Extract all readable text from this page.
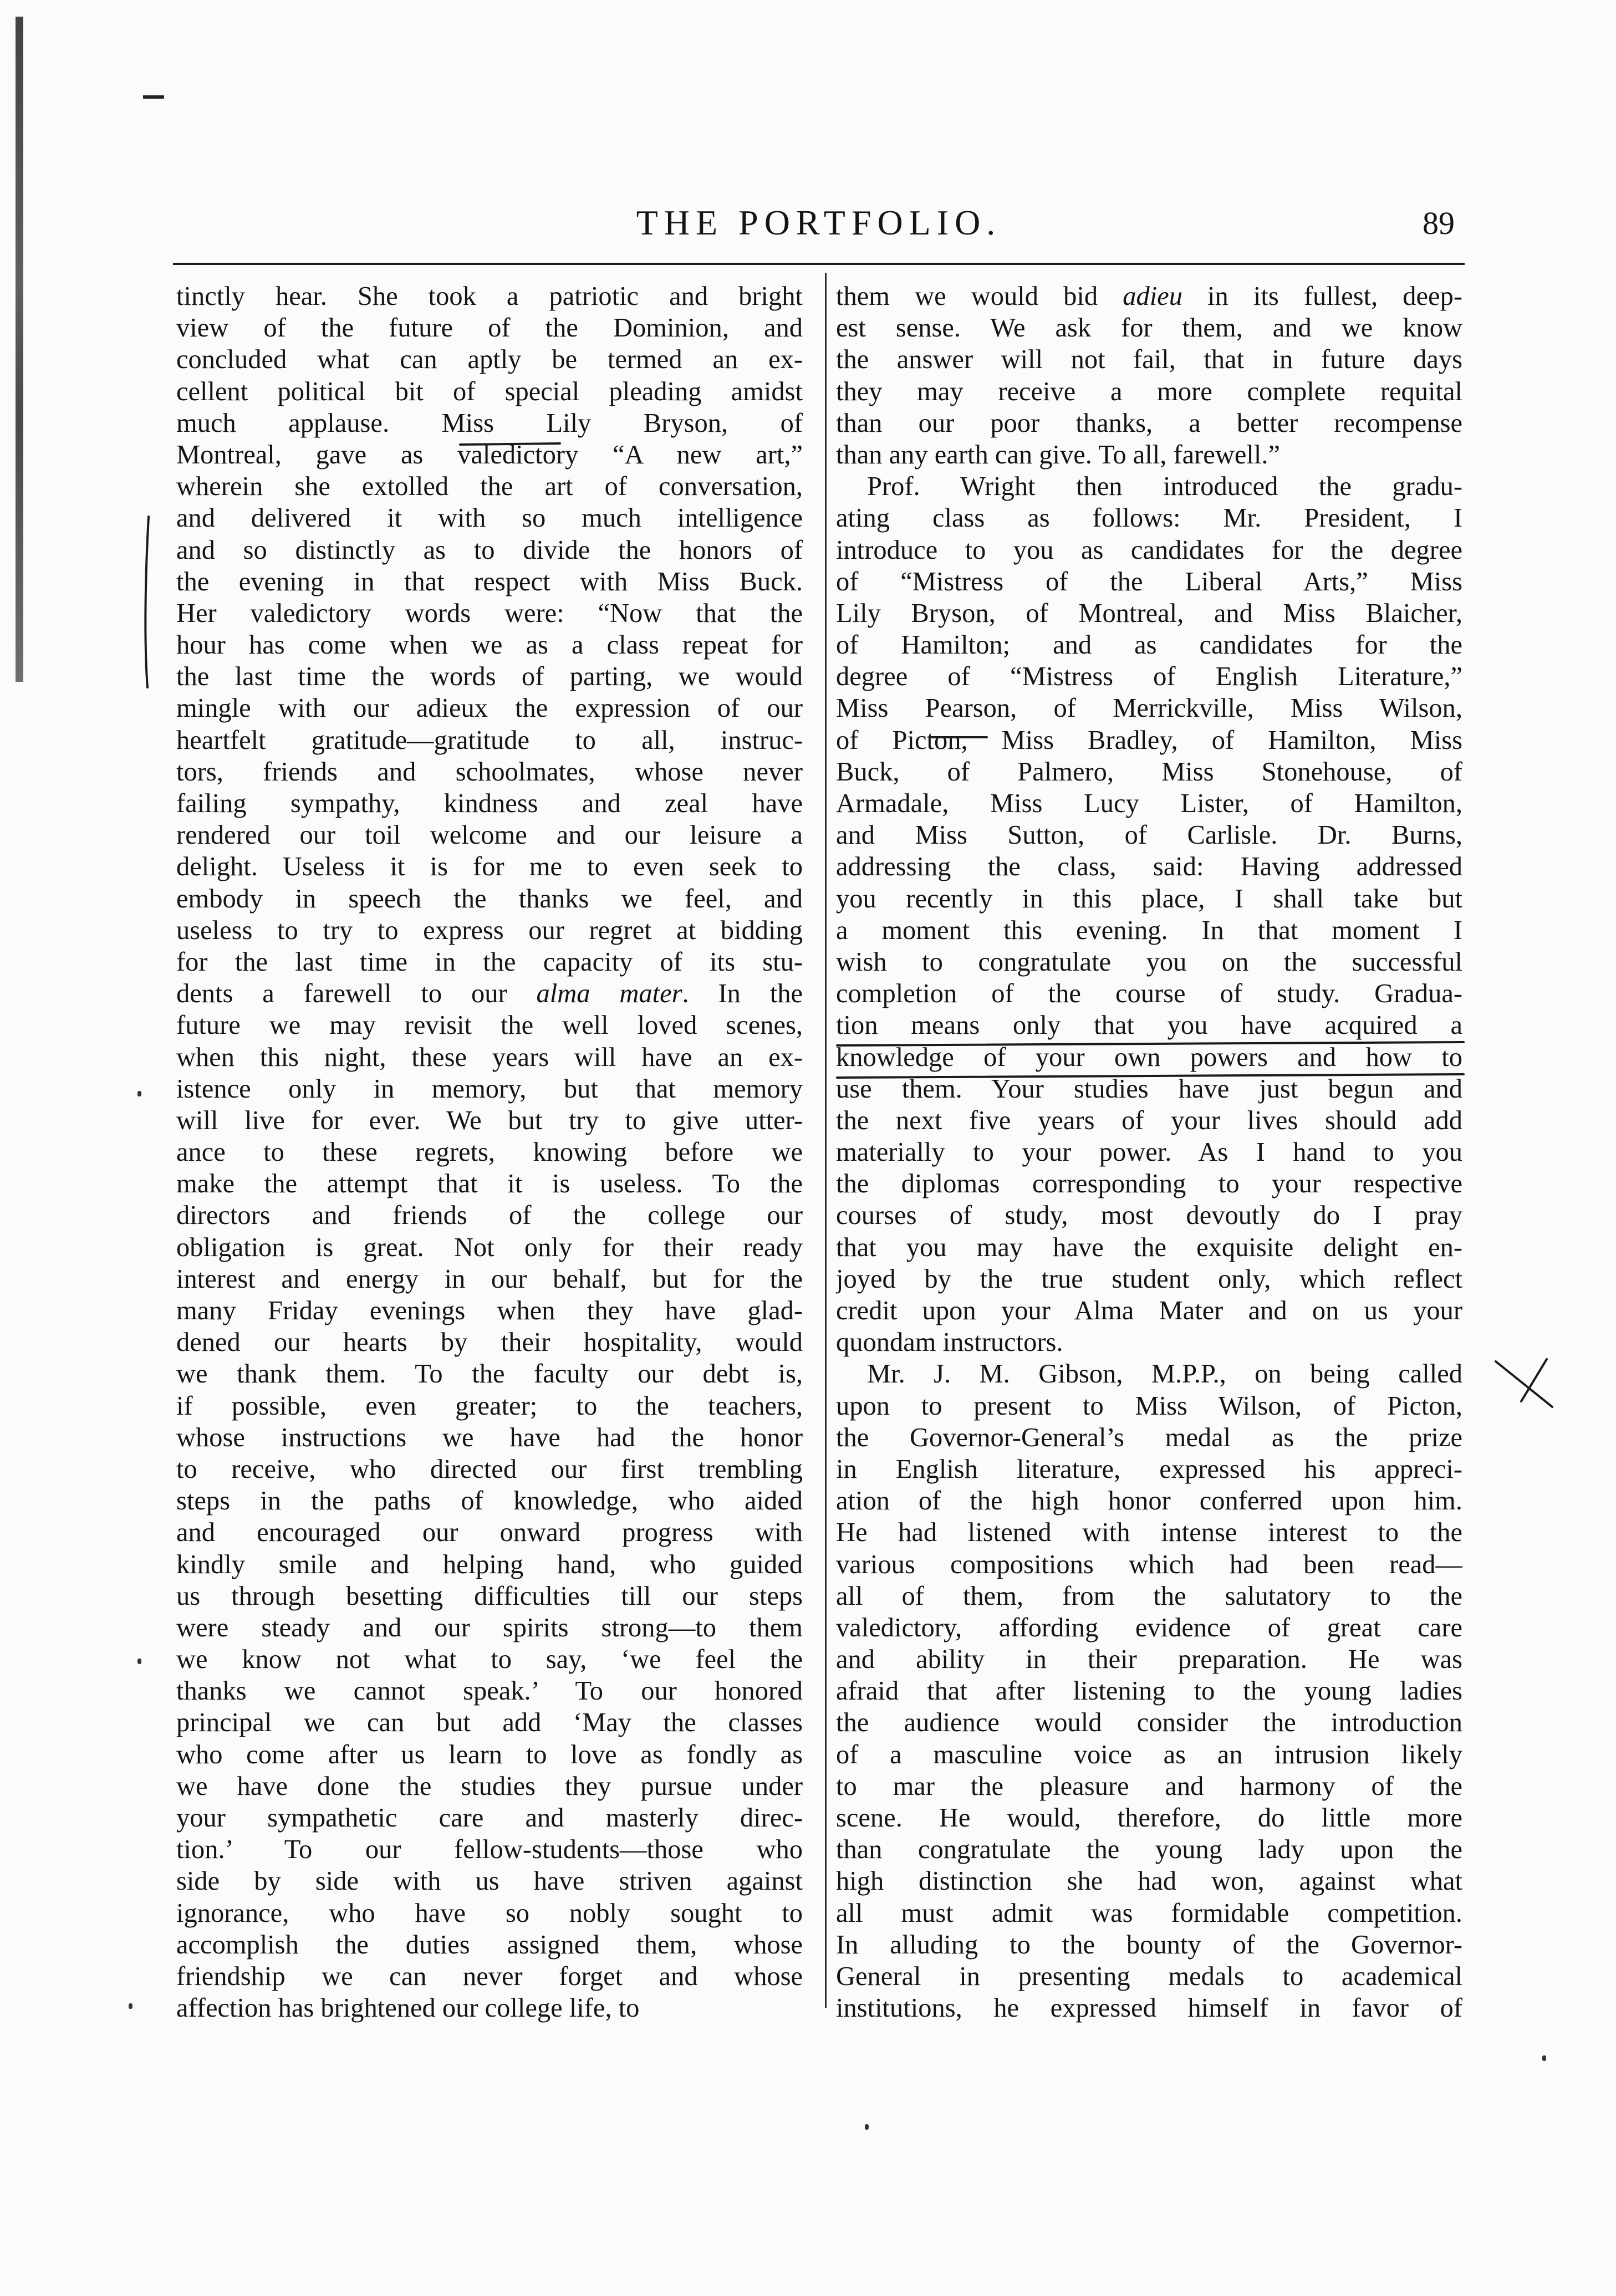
THE PORTFOLIO.	89
tinctly hear. She took a patriotic and bright
view of the future of the Dominion, and
concluded what can aptly be termed an ex-
cellent political bit of special pleading amidst
much applause. Miss Lily Bryson, of
Montreal, gave as valedictory “A new art,”
wherein she extolled the art of conversation,
and delivered it with so much intelligence
and so distinctly as to divide the honors of
the evening in that respect with Miss Buck.
Her valedictory words were: “Now that the
hour has come when we as a class repeat for
the last time the words of parting, we would
mingle with our adieux the expression of our
heartfelt gratitude—gratitude to all, instruc-
tors, friends and schoolmates, whose never
failing sympathy, kindness and zeal have
rendered our toil welcome and our leisure a
delight. Useless it is for me to even seek to
embody in speech the thanks we feel, and
useless to try to express our regret at bidding
for the last time in the capacity of its stu-
dents a farewell to our alma mater. In the
future we may revisit the well loved scenes,
when this night, these years will have an ex-
istence only in memory, but that memory
will live for ever. We but try to give utter-
ance to these regrets, knowing before we
make the attempt that it is useless. To the
directors and friends of the college our
obligation is great. Not only for their ready
interest and energy in our behalf, but for the
many Friday evenings when they have glad-
dened our hearts by their hospitality, would
we thank them. To the faculty our debt is,
if possible, even greater; to the teachers,
whose instructions we have had the honor
to receive, who directed our first trembling
steps in the paths of knowledge, who aided
and encouraged our onward progress with
kindly smile and helping hand, who guided
us through besetting difficulties till our steps
were steady and our spirits strong—to them
we know not what to say, ‘we feel the
thanks we cannot speak.’ To our honored
principal we can but add ‘May the classes
who come after us learn to love as fondly as
we have done the studies they pursue under
your sympathetic care and masterly direc-
tion.’ To our fellow-students—those who
side by side with us have striven against
ignorance, who have so nobly sought to
accomplish the duties assigned them, whose
friendship we can never forget and whose
affection has brightened our college life, to
them we would bid adieu in its fullest, deep-
est sense. We ask for them, and we know
the answer will not fail, that in future days
they may receive a more complete requital
than our poor thanks, a better recompense
than any earth can give. To all, farewell.”
Prof. Wright then introduced the gradu-
ating class as follows: Mr. President, I
introduce to you as candidates for the degree
of “Mistress of the Liberal Arts,” Miss
Lily Bryson, of Montreal, and Miss Blaicher,
of Hamilton; and as candidates for the
degree of “Mistress of English Literature,”
Miss Pearson, of Merrickville, Miss Wilson,
of Picton, Miss Bradley, of Hamilton, Miss
Buck, of Palmero, Miss Stonehouse, of
Armadale, Miss Lucy Lister, of Hamilton,
and Miss Sutton, of Carlisle. Dr. Burns,
addressing the class, said: Having addressed
you recently in this place, I shall take but
a moment this evening. In that moment I
wish to congratulate you on the successful
completion of the course of study. Gradua-
tion means only that you have acquired a
knowledge of your own powers and how to
use them. Your studies have just begun and
the next five years of your lives should add
materially to your power. As I hand to you
the diplomas corresponding to your respective
courses of study, most devoutly do I pray
that you may have the exquisite delight en-
joyed by the true student only, which reflect
credit upon your Alma Mater and on us your
quondam instructors.
Mr. J. M. Gibson, M.P.P., on being called
upon to present to Miss Wilson, of Picton,
the Governor-General’s medal as the prize
in English literature, expressed his appreci-
ation of the high honor conferred upon him.
He had listened with intense interest to the
various compositions which had been read—
all of them, from the salutatory to the
valedictory, affording evidence of great care
and ability in their preparation. He was
afraid that after listening to the young ladies
the audience would consider the introduction
of a masculine voice as an intrusion likely
to mar the pleasure and harmony of the
scene. He would, therefore, do little more
than congratulate the young lady upon the
high distinction she had won, against what
all must admit was formidable competition.
In alluding to the bounty of the Governor-
General in presenting medals to academical
institutions, he expressed himself in favor of
